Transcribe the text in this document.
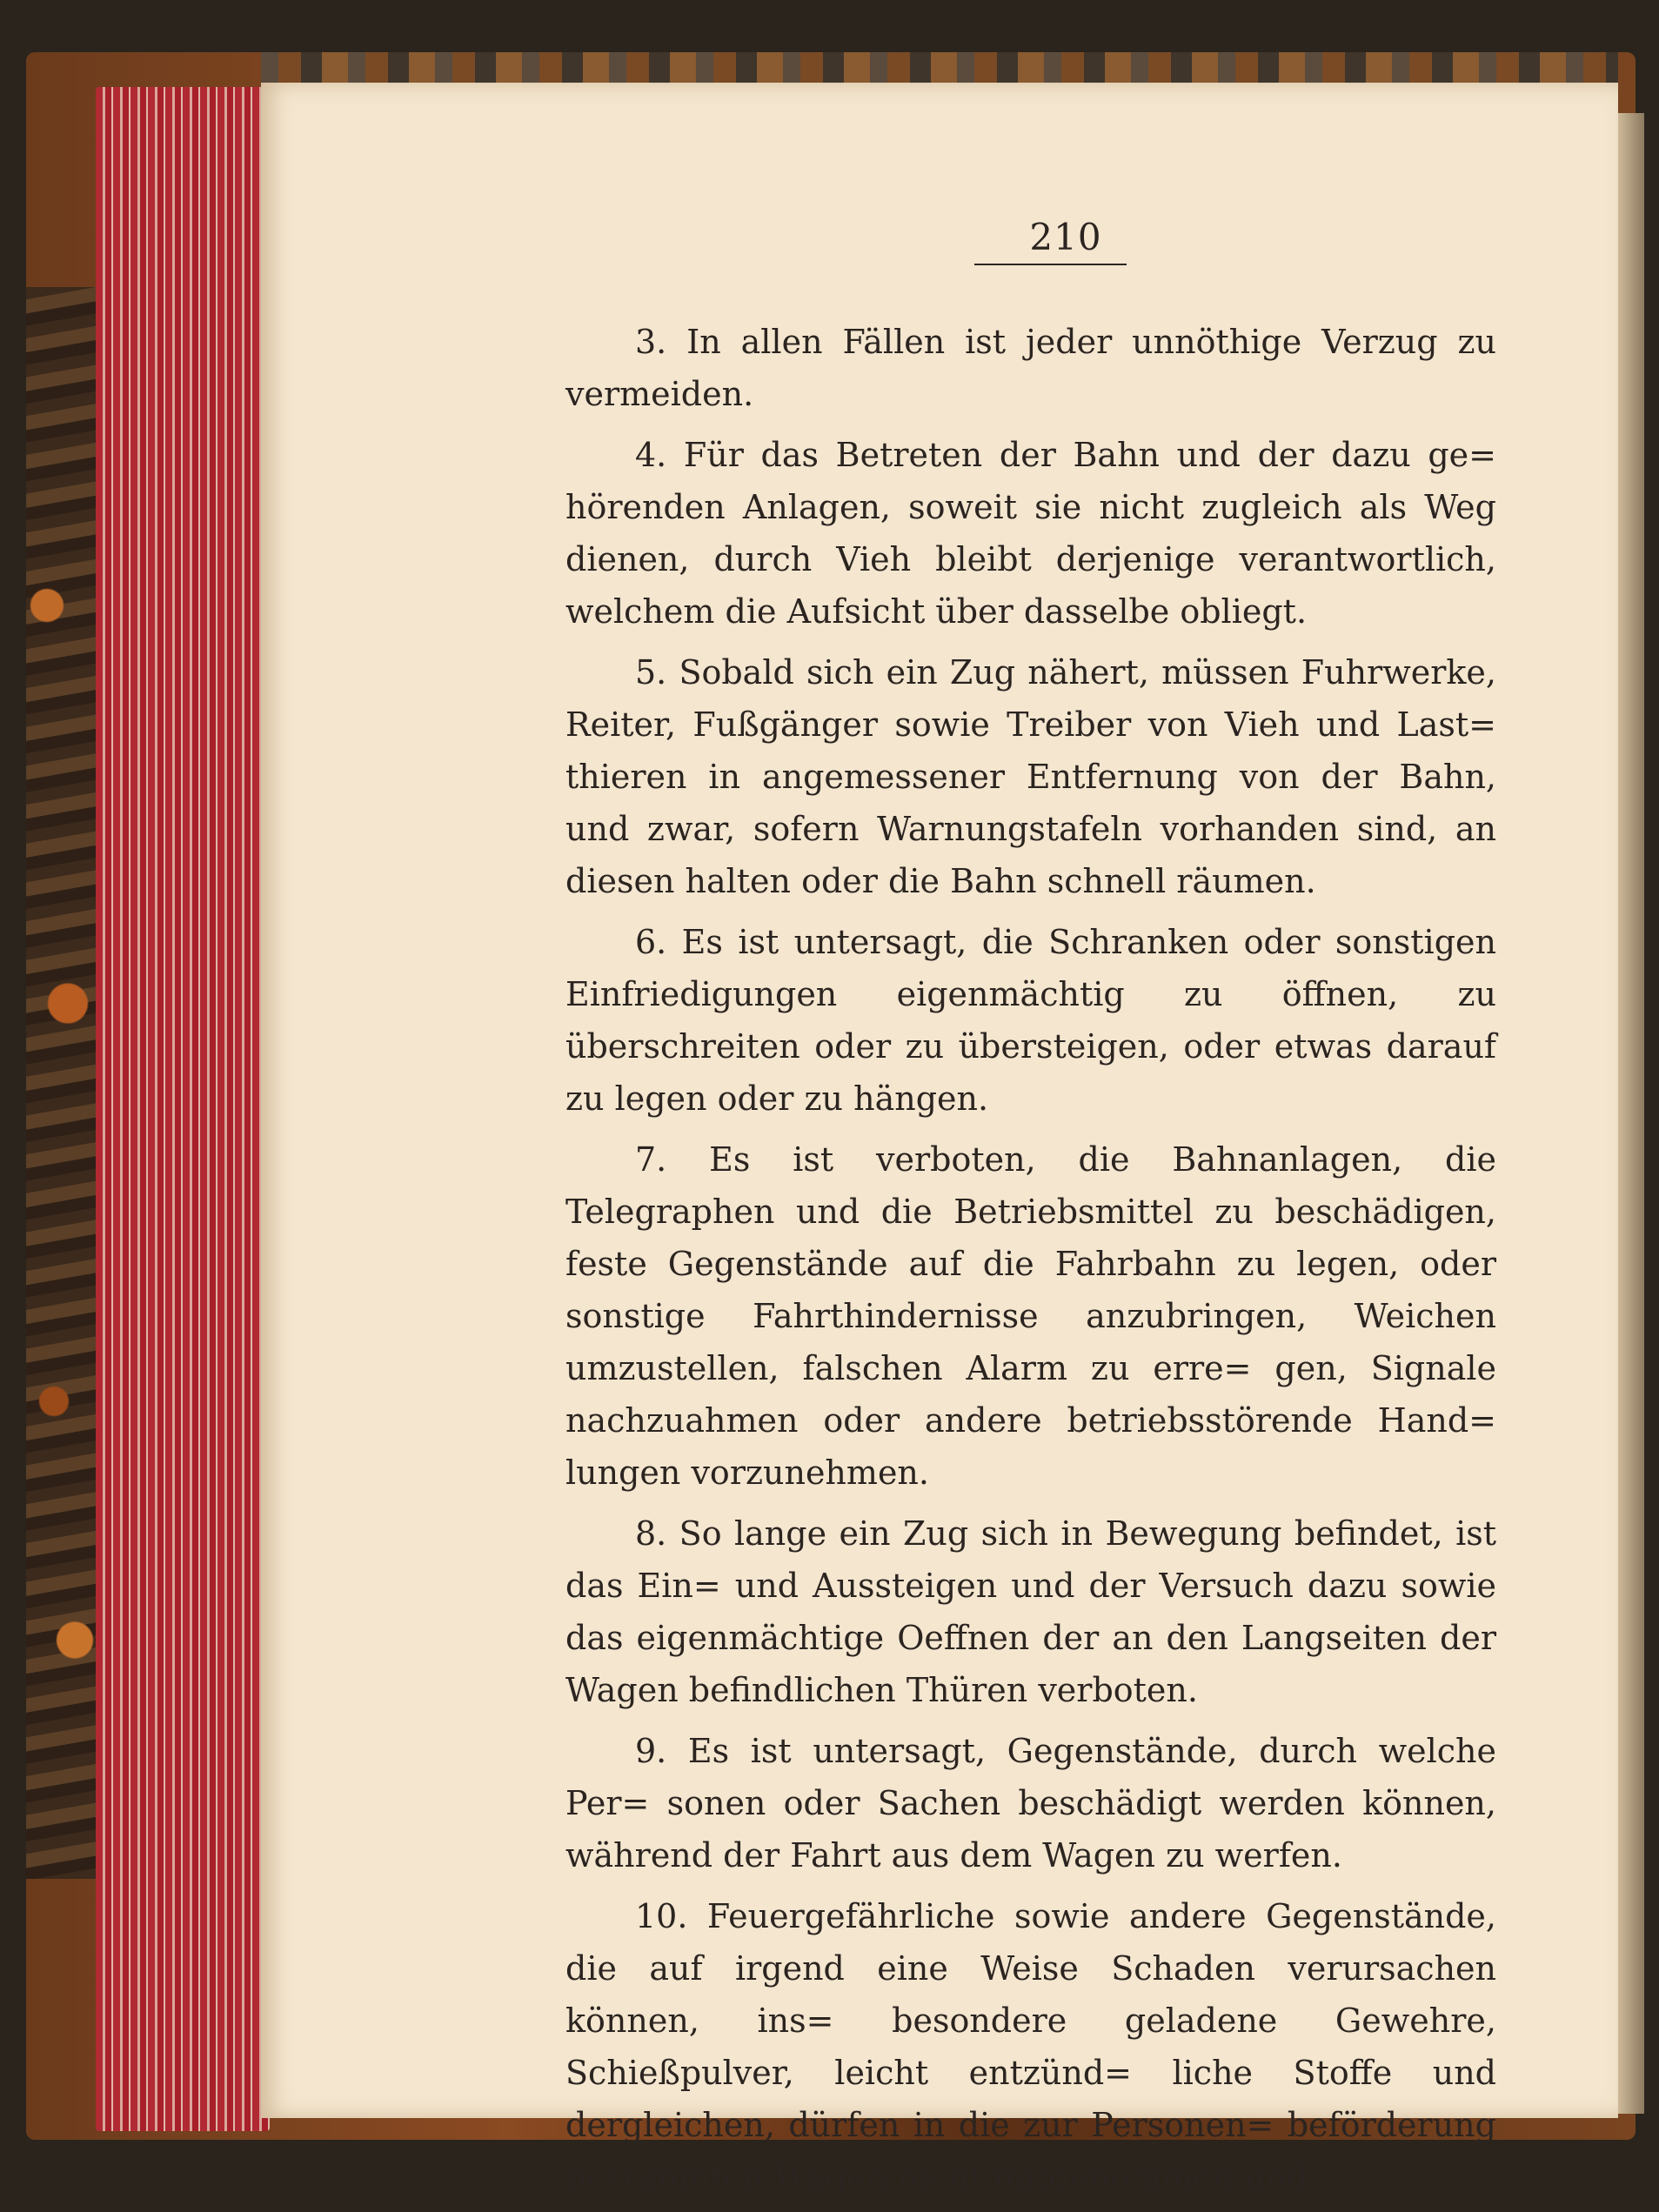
210

3. In allen Fällen ist jeder unnöthige Verzug zu vermeiden.

4. Für das Betreten der Bahn und der dazu ge= hörenden Anlagen, soweit sie nicht zugleich als Weg dienen, durch Vieh bleibt derjenige verantwortlich, welchem die Aufsicht über dasselbe obliegt.

5. Sobald sich ein Zug nähert, müssen Fuhrwerke, Reiter, Fußgänger sowie Treiber von Vieh und Last= thieren in angemessener Entfernung von der Bahn, und zwar, sofern Warnungstafeln vorhanden sind, an diesen halten oder die Bahn schnell räumen.

6. Es ist untersagt, die Schranken oder sonstigen Einfriedigungen eigenmächtig zu öffnen, zu überschreiten oder zu übersteigen, oder etwas darauf zu legen oder zu hängen.

7. Es ist verboten, die Bahnanlagen, die Telegraphen und die Betriebsmittel zu beschädigen, feste Gegenstände auf die Fahrbahn zu legen, oder sonstige Fahrthindernisse anzubringen, Weichen umzustellen, falschen Alarm zu erre= gen, Signale nachzuahmen oder andere betriebsstörende Hand= lungen vorzunehmen.

8. So lange ein Zug sich in Bewegung befindet, ist das Ein= und Aussteigen und der Versuch dazu sowie das eigenmächtige Oeffnen der an den Langseiten der Wagen befindlichen Thüren verboten.

9. Es ist untersagt, Gegenstände, durch welche Per= sonen oder Sachen beschädigt werden können, während der Fahrt aus dem Wagen zu werfen.

10. Feuergefährliche sowie andere Gegenstände, die auf irgend eine Weise Schaden verursachen können, ins= besondere geladene Gewehre, Schießpulver, leicht entzünd= liche Stoffe und dergleichen, dürfen in die zur Personen= beförderung bestimmten Wagen nicht mitgenommen und
